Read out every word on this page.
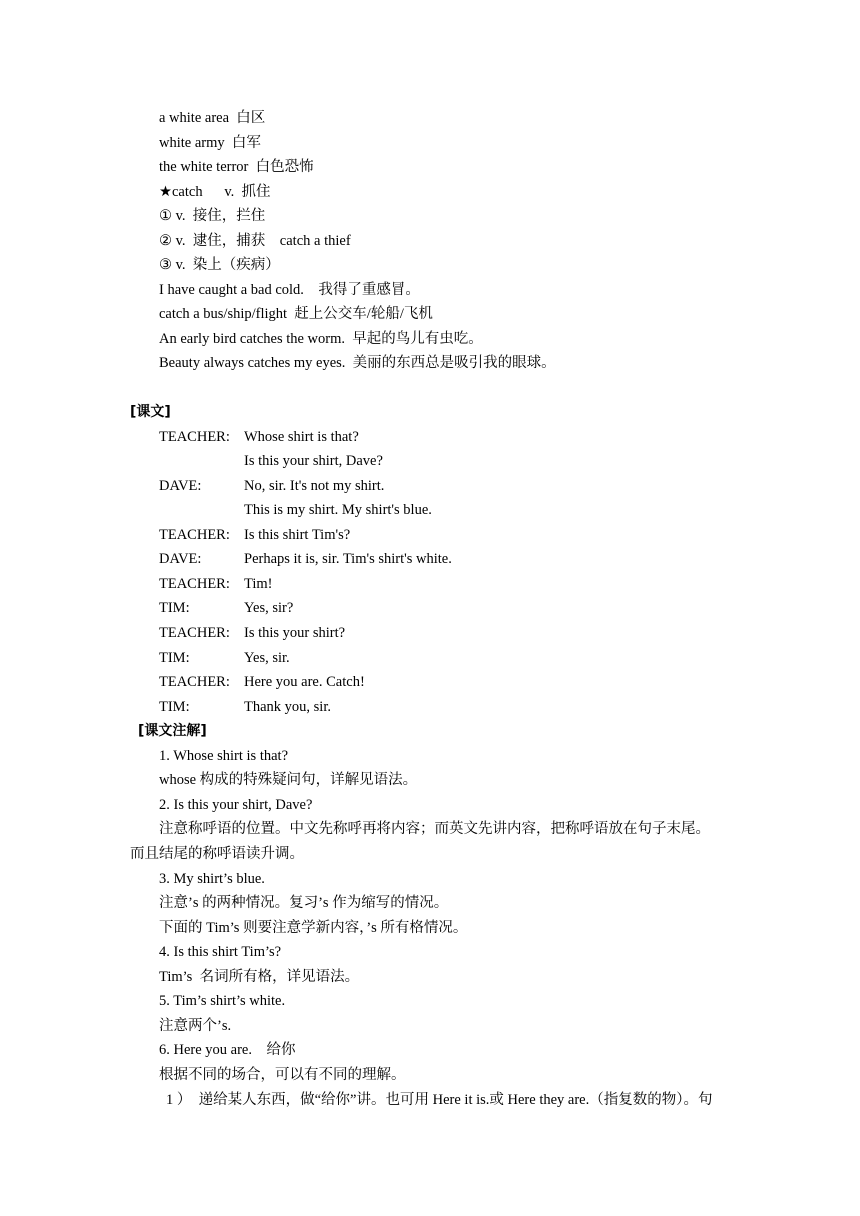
a white area  白区
white army  白军
the white terror  白色恐怖
★catch      v.  抓住
① v.  接住，拦住
② v.  逮住，捕获    catch a thief
③ v.  染上（疾病）
I have caught a bad cold.    我得了重感冒。
catch a bus/ship/flight  赶上公交车/轮船/飞机
An early bird catches the worm.  早起的鸟儿有虫吃。
Beauty always catches my eyes.  美丽的东西总是吸引我的眼球。
[课文]
TEACHER: Whose shirt is that?
Is this your shirt, Dave?
DAVE:	No, sir. It's not my shirt.
This is my shirt. My shirt's blue.
TEACHER: Is this shirt Tim's?
DAVE:	Perhaps it is, sir. Tim's shirt's white.
TEACHER: Tim!
TIM:	Yes, sir?
TEACHER: Is this your shirt?
TIM:	Yes, sir.
TEACHER: Here you are. Catch!
TIM:	Thank you, sir.
[课文注解]
1. Whose shirt is that?
whose 构成的特殊疑问句，详解见语法。
2. Is this your shirt, Dave?
注意称呼语的位置。中文先称呼再将内容；而英文先讲内容，把称呼语放在句子末尾。
而且结尾的称呼语读升调。
3. My shirt’s blue.
注意’s 的两种情况。复习’s 作为缩写的情况。
下面的 Tim’s 则要注意学新内容，’s 所有格情况。
4. Is this shirt Tim’s?
Tim’s  名词所有格，详见语法。
5. Tim’s shirt’s white.
注意两个’s.
6. Here you are.    给你
根据不同的场合，可以有不同的理解。
1 ）  递给某人东西，做“给你”讲。也可用 Here it is.或 Here they are.（指复数的物）。句
